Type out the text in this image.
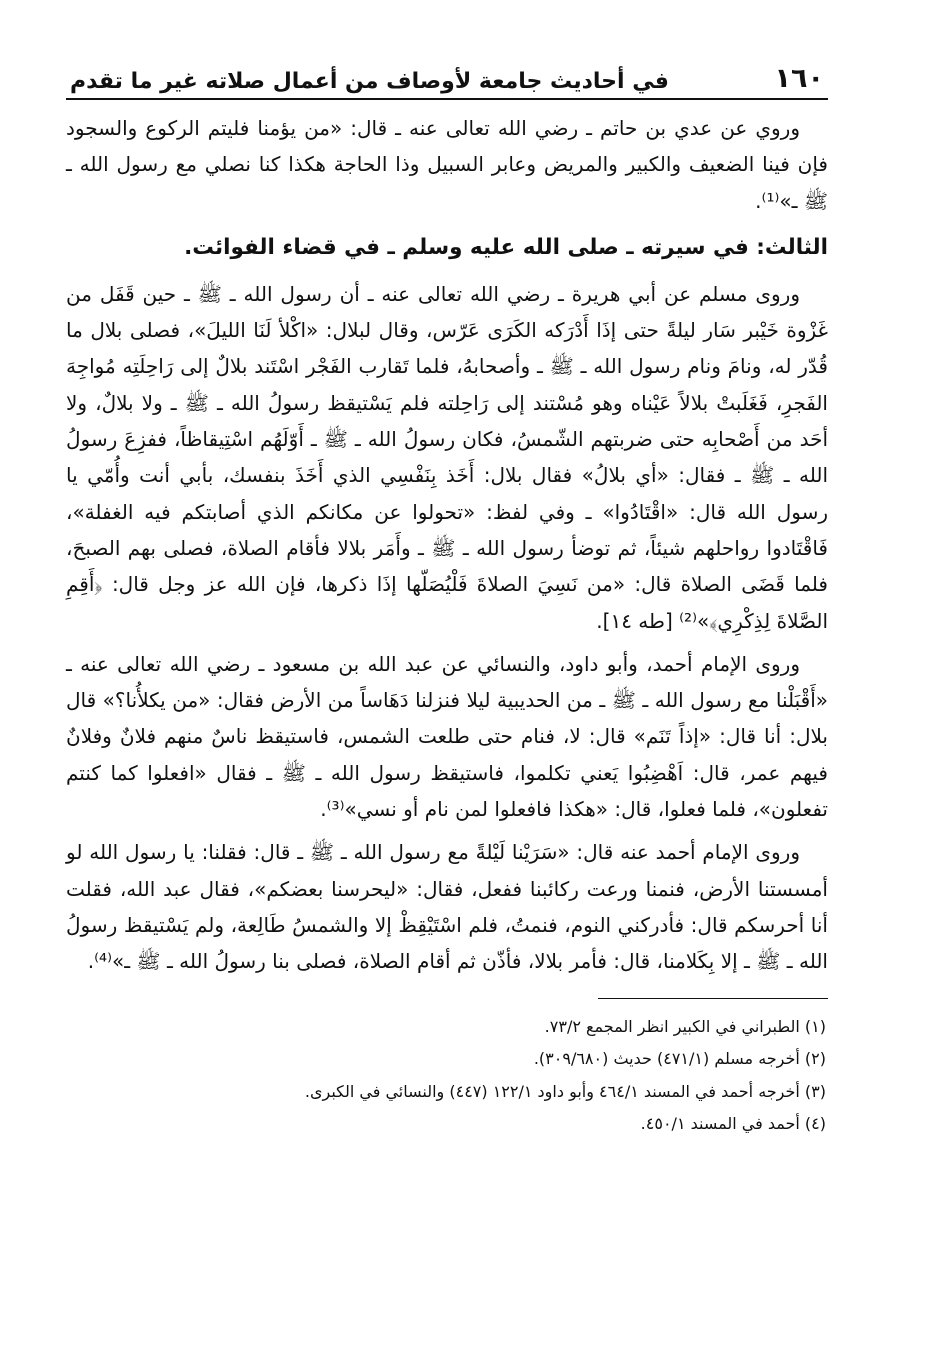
١٦٠
في أحاديث جامعة لأوصاف من أعمال صلاته غير ما تقدم

وروي عن عدي بن حاتم ـ رضي الله تعالى عنه ـ قال: «من يؤمنا فليتم الركوع والسجود فإن فينا الضعيف والكبير والمريض وعابر السبيل وذا الحاجة هكذا كنا نصلي مع رسول الله ـ ﷺ ـ»⁽¹⁾.

الثالث: في سيرته ـ صلى الله عليه وسلم ـ في قضاء الفوائت.

وروى مسلم عن أبي هريرة ـ رضي الله تعالى عنه ـ أن رسول الله ـ ﷺ ـ حين قَفَل من غَزْوة خَيْبر سَار ليلةً حتى إذَا أَدْرَكه الكَرَى عَرّس، وقال لبلال: «اكْلأ لَنَا الليلَ»، فصلى بلال ما قُدّر له، ونامَ ونام رسول الله ـ ﷺ ـ وأصحابهُ، فلما تَقارب الفَجْر اسْتَند بلالٌ إلى رَاحِلَتِه مُواجِهَ الفَجرِ، فَغَلَبتْ بلالاً عَيْناه وهو مُسْتند إلى رَاحِلته فلم يَسْتيقظ رسولُ الله ـ ﷺ ـ ولا بلالٌ، ولا أحَد من أَصْحابِه حتى ضربتهم الشّمسُ، فكان رسولُ الله ـ ﷺ ـ أَوّلَهُم اسْتِيقاظاً، ففزِعَ رسولُ الله ـ ﷺ ـ فقال: «أي بلالُ» فقال بلال: أَخَذ بِنَفْسِي الذي أَخَذَ بنفسك، بأبي أنت وأُمّي يا رسول الله قال: «اقْتَادُوا» ـ وفي لفظ: «تحولوا عن مكانكم الذي أصابتكم فيه الغفلة»، فَاقْتَادوا رواحلهم شيئاً، ثم توضأ رسول الله ـ ﷺ ـ وأَمَر بلالا فأقام الصلاة، فصلى بهم الصبحَ، فلما قَضَى الصلاة قال: «من نَسِيَ الصلاةَ فَلْيُصَلّها إذَا ذكرها، فإن الله عز وجل قال: ﴿أَقِمِ الصَّلاةَ لِذِكْرِي﴾»⁽²⁾ [طه ١٤].

وروى الإمام أحمد، وأبو داود، والنسائي عن عبد الله بن مسعود ـ رضي الله تعالى عنه ـ «أَقْبَلْنا مع رسول الله ـ ﷺ ـ من الحديبية ليلا فنزلنا دَهَاساً من الأرض فقال: «من يكلأُنا؟» قال بلال: أنا قال: «إذاً تَنَم» قال: لا، فنام حتى طلعت الشمس، فاستيقظ ناسٌ منهم فلانٌ وفلانٌ فيهم عمر، قال: اَهْضِبُوا يَعني تكلموا، فاستيقظ رسول الله ـ ﷺ ـ فقال «افعلوا كما كنتم تفعلون»، فلما فعلوا، قال: «هكذا فافعلوا لمن نام أو نسي»⁽³⁾.

وروى الإمام أحمد عنه قال: «سَرَيْنا لَيْلةً مع رسول الله ـ ﷺ ـ قال: فقلنا: يا رسول الله لو أمسستنا الأرض، فنمنا ورعت ركائبنا ففعل، فقال: «ليحرسنا بعضكم»، فقال عبد الله، فقلت أنا أحرسكم قال: فأدركني النوم، فنمتُ، فلم اسْتَيْقِظْ إلا والشمسُ طَالِعة، ولم يَسْتيقظ رسولُ الله ـ ﷺ ـ إلا بِكَلامنا، قال: فأمر بلالا، فأذّن ثم أقام الصلاة، فصلى بنا رسولُ الله ـ ﷺ ـ»⁽⁴⁾.

(١) الطبراني في الكبير انظر المجمع ٧٣/٢.

(٢) أخرجه مسلم (٤٧١/١) حديث (٣٠٩/٦٨٠).

(٣) أخرجه أحمد في المسند ٤٦٤/١ وأبو داود ١٢٢/١ (٤٤٧) والنسائي في الكبرى.

(٤) أحمد في المسند ٤٥٠/١.
